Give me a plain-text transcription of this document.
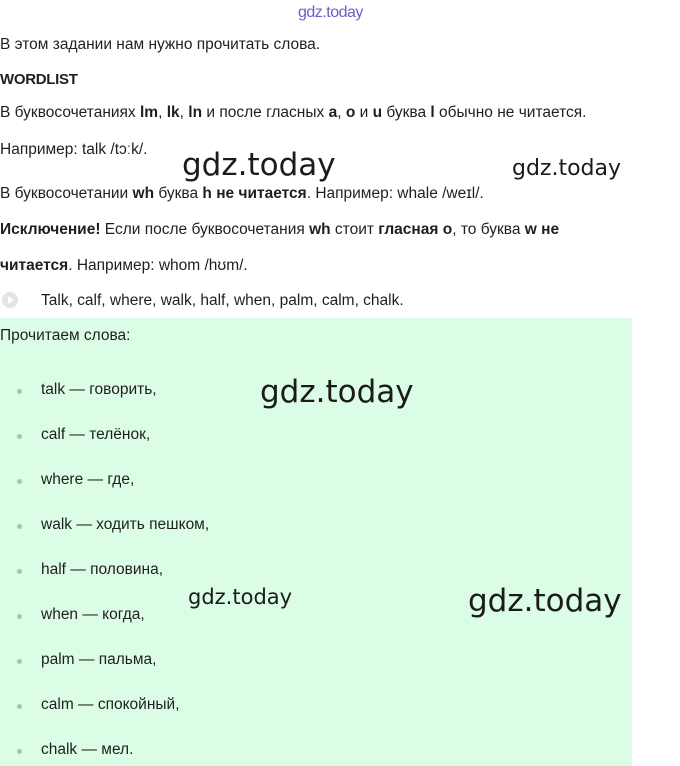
gdz.today
В этом задании нам нужно прочитать слова.
WORDLIST
В буквосочетаниях lm, lk, ln и после гласных a, o и u буква l обычно не читается.
Например: talk /tɔːk/. gdz.today	gdz.today
В буквосочетании wh буква h не читается. Например: whale /weɪl/.
Исключение! Если после буквосочетания wh стоит гласная o, то буква w не
читается. Например: whom /hʊm/.
Talk, calf, where, walk, half, when, palm, calm, chalk.
Прочитаем слова:
talk — говорить,
calf — телёнок,
where — где,
walk — ходить пешком,
half — половина,
when — когда,
palm — пальма,
calm — спокойный,
chalk — мел.
gdz.today
gdz.today	gdz.today
